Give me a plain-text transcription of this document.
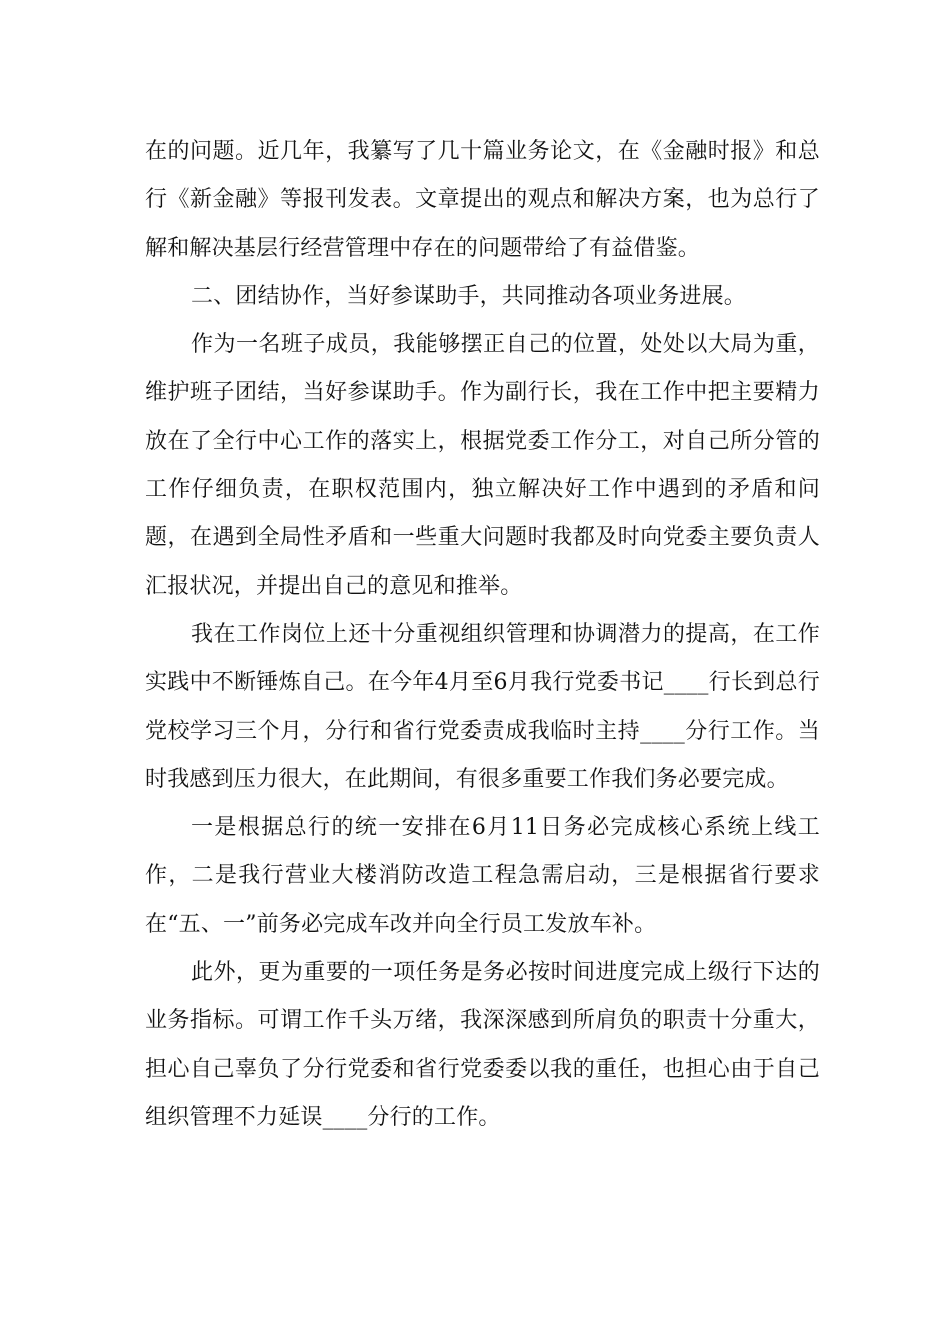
在的问题。近几年，我纂写了几十篇业务论文，在《金融时报》和总行《新金融》等报刊发表。文章提出的观点和解决方案，也为总行了解和解决基层行经营管理中存在的问题带给了有益借鉴。

二、团结协作，当好参谋助手，共同推动各项业务进展。

作为一名班子成员，我能够摆正自己的位置，处处以大局为重，维护班子团结，当好参谋助手。作为副行长，我在工作中把主要精力放在了全行中心工作的落实上，根据党委工作分工，对自己所分管的工作仔细负责，在职权范围内，独立解决好工作中遇到的矛盾和问题，在遇到全局性矛盾和一些重大问题时我都及时向党委主要负责人汇报状况，并提出自己的意见和推举。

我在工作岗位上还十分重视组织管理和协调潜力的提高，在工作实践中不断锤炼自己。在今年4月至6月我行党委书记____行长到总行党校学习三个月，分行和省行党委责成我临时主持____分行工作。当时我感到压力很大，在此期间，有很多重要工作我们务必要完成。

一是根据总行的统一安排在6月11日务必完成核心系统上线工作，二是我行营业大楼消防改造工程急需启动，三是根据省行要求在“五、一”前务必完成车改并向全行员工发放车补。

此外，更为重要的一项任务是务必按时间进度完成上级行下达的业务指标。可谓工作千头万绪，我深深感到所肩负的职责十分重大，担心自己辜负了分行党委和省行党委委以我的重任，也担心由于自己组织管理不力延误____分行的工作。
